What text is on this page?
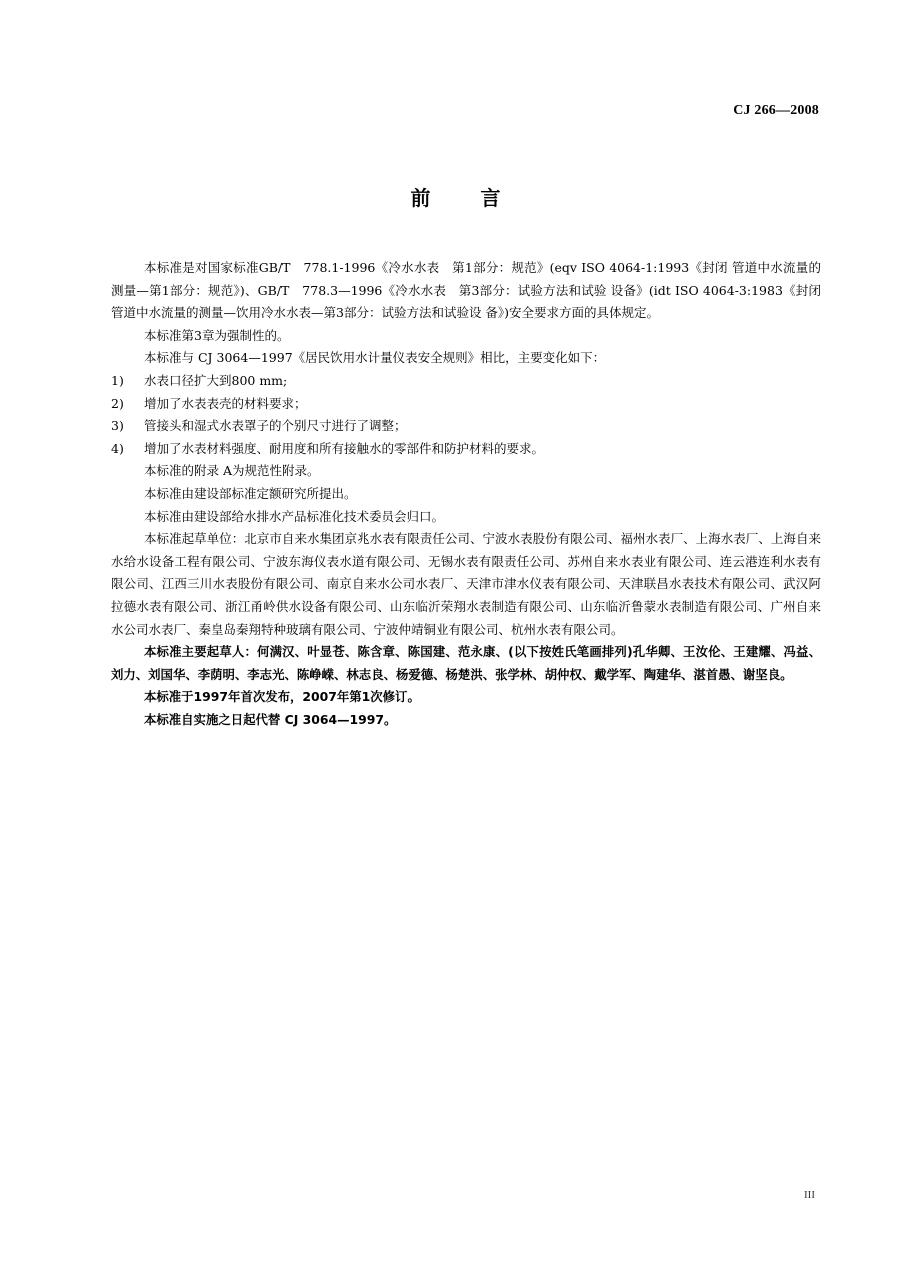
CJ 266—2008
前言

本标准是对国家标准GB/T　778.1-1996《冷水水表　第1部分：规范》(eqv ISO 4064-1:1993《封闭 管道中水流量的测量—第1部分：规范》)、GB/T　778.3—1996《冷水水表　第3部分：试验方法和试验 设备》(idt ISO 4064-3:1983《封闭管道中水流量的测量—饮用冷水水表—第3部分：试验方法和试验设 备》)安全要求方面的具体规定。

本标准第3章为强制性的。

本标准与 CJ 3064—1997《居民饮用水计量仪表安全规则》相比，主要变化如下：

1) 水表口径扩大到800 mm;

2) 增加了水表表壳的材料要求；

3) 管接头和湿式水表罩子的个别尺寸进行了调整；

4) 增加了水表材料强度、耐用度和所有接触水的零部件和防护材料的要求。

本标准的附录 A为规范性附录。

本标准由建设部标准定额研究所提出。

本标准由建设部给水排水产品标准化技术委员会归口。

本标准起草单位：北京市自来水集团京兆水表有限责任公司、宁波水表股份有限公司、福州水表厂、上海水表厂、上海自来水给水设备工程有限公司、宁波东海仪表水道有限公司、无锡水表有限责任公司、苏州自来水表业有限公司、连云港连利水表有限公司、江西三川水表股份有限公司、南京自来水公司水表厂、天津市津水仪表有限公司、天津联昌水表技术有限公司、武汉阿拉德水表有限公司、浙江甬岭供水设备有限公司、山东临沂荣翔水表制造有限公司、山东临沂鲁蒙水表制造有限公司、广州自来水公司水表厂、秦皇岛秦翔特种玻璃有限公司、宁波仲靖铜业有限公司、杭州水表有限公司。

本标准主要起草人：何满汉、叶显苍、陈含章、陈国建、范永康、(以下按姓氏笔画排列)孔华卿、王汝伦、王建耀、冯益、刘力、刘国华、李荫明、李志光、陈峥嵘、林志良、杨爱德、杨楚洪、张学林、胡仲权、戴学军、陶建华、湛首愚、谢坚良。

本标准于1997年首次发布，2007年第1次修订。

本标准自实施之日起代替 CJ 3064—1997。

III
